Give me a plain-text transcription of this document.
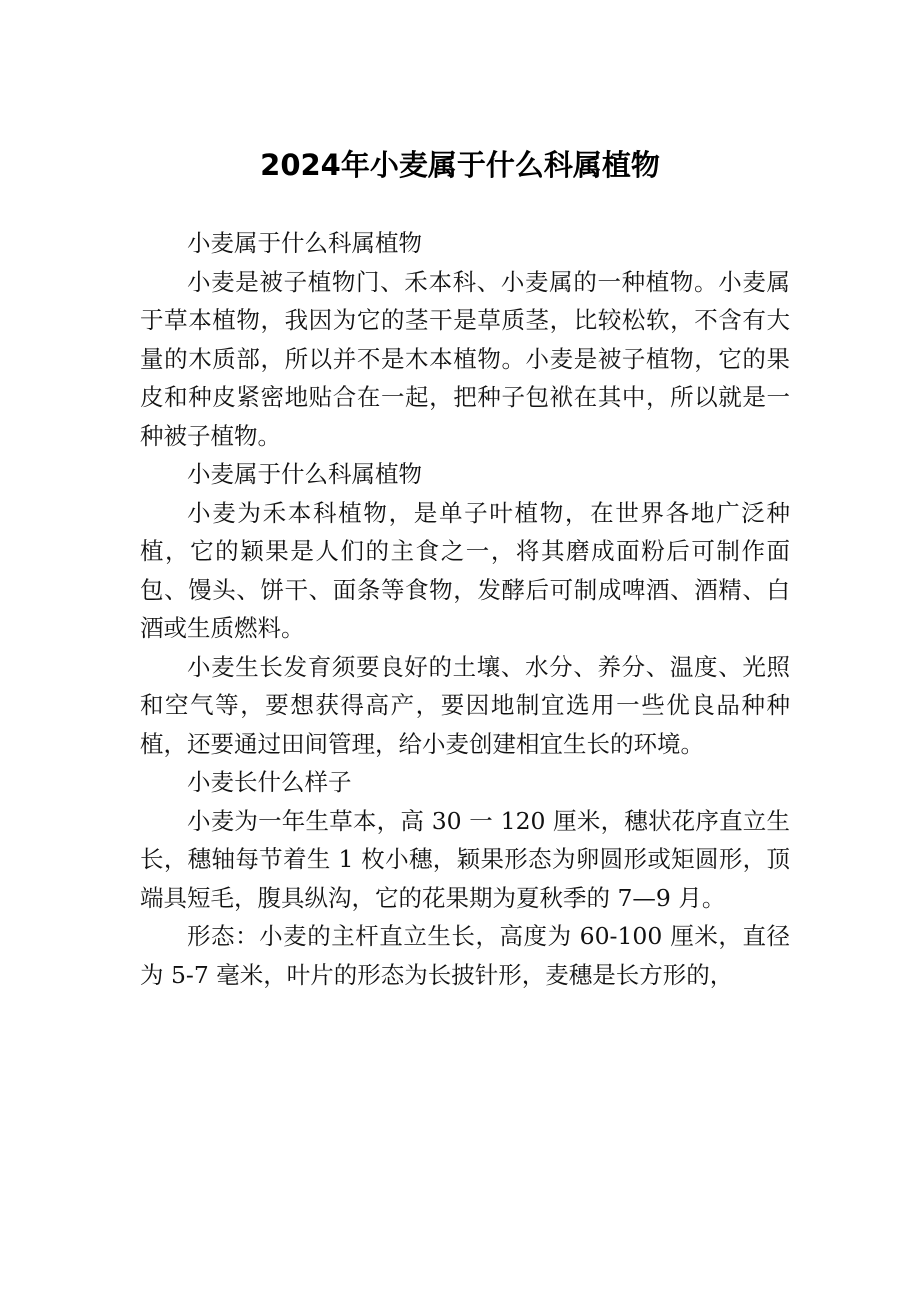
2024年小麦属于什么科属植物

小麦属于什么科属植物

小麦是被子植物门、禾本科、小麦属的一种植物。小麦属于草本植物，我因为它的茎干是草质茎，比较松软，不含有大量的木质部，所以并不是木本植物。小麦是被子植物，它的果皮和种皮紧密地贴合在一起，把种子包袱在其中，所以就是一种被子植物。

小麦属于什么科属植物

小麦为禾本科植物，是单子叶植物，在世界各地广泛种植，它的颖果是人们的主食之一，将其磨成面粉后可制作面包、馒头、饼干、面条等食物，发酵后可制成啤酒、酒精、白酒或生质燃料。

小麦生长发育须要良好的土壤、水分、养分、温度、光照和空气等，要想获得高产，要因地制宜选用一些优良品种种植，还要通过田间管理，给小麦创建相宜生长的环境。

小麦长什么样子

小麦为一年生草本，高 30 一 120 厘米，穗状花序直立生长，穗轴每节着生 1 枚小穗，颖果形态为卵圆形或矩圆形，顶端具短毛，腹具纵沟，它的花果期为夏秋季的 7—9 月。

形态：小麦的主杆直立生长，高度为 60-100 厘米，直径为 5-7 毫米，叶片的形态为长披针形，麦穗是长方形的，
